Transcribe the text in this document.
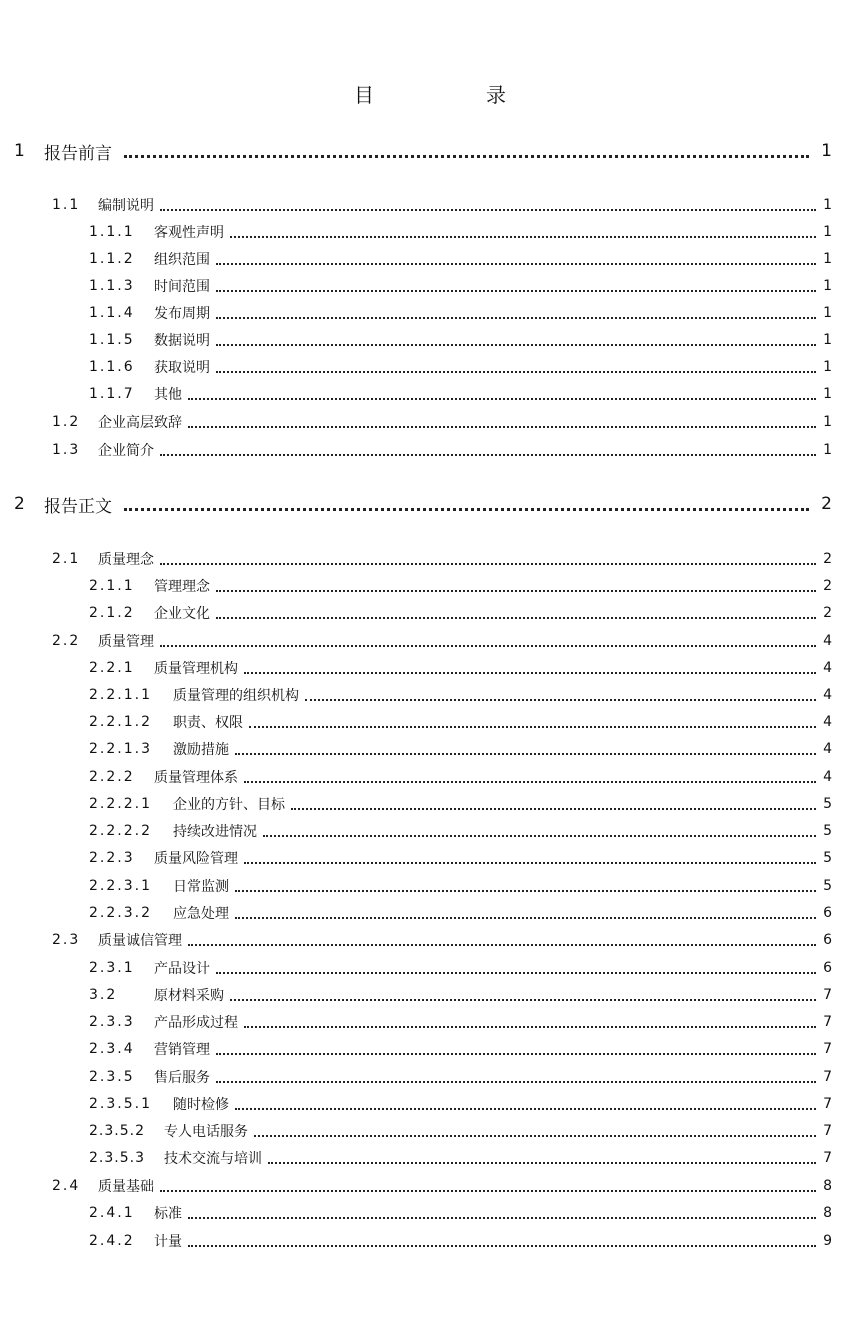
目	录
1	报告前言	1
1.1	编制说明	1
1.1.1	客观性声明	1
1.1.2	组织范围	1
1.1.3	时间范围	1
1.1.4	发布周期	1
1.1.5	数据说明	1
1.1.6	获取说明	1
1.1.7	其他	1
1.2	企业高层致辞	1
1.3	企业简介	1
2	报告正文	2
2.1	质量理念	2
2.1.1	管理理念	2
2.1.2	企业文化	2
2.2	质量管理	4
2.2.1	质量管理机构	4
2.2.1.1	质量管理的组织机构	4
2.2.1.2	职责、权限	4
2.2.1.3	激励措施	4
2.2.2	质量管理体系	4
2.2.2.1	企业的方针、目标	5
2.2.2.2	持续改进情况	5
2.2.3	质量风险管理	5
2.2.3.1	日常监测	5
2.2.3.2	应急处理	6
2.3	质量诚信管理	6
2.3.1	产品设计	6
3.2	原材料采购	7
2.3.3	产品形成过程	7
2.3.4	营销管理	7
2.3.5	售后服务	7
2.3.5.1	随时检修	7
2.3.5.2	专人电话服务	7
2.3.5.3	技术交流与培训	7
2.4	质量基础	8
2.4.1	标准	8
2.4.2	计量	9
